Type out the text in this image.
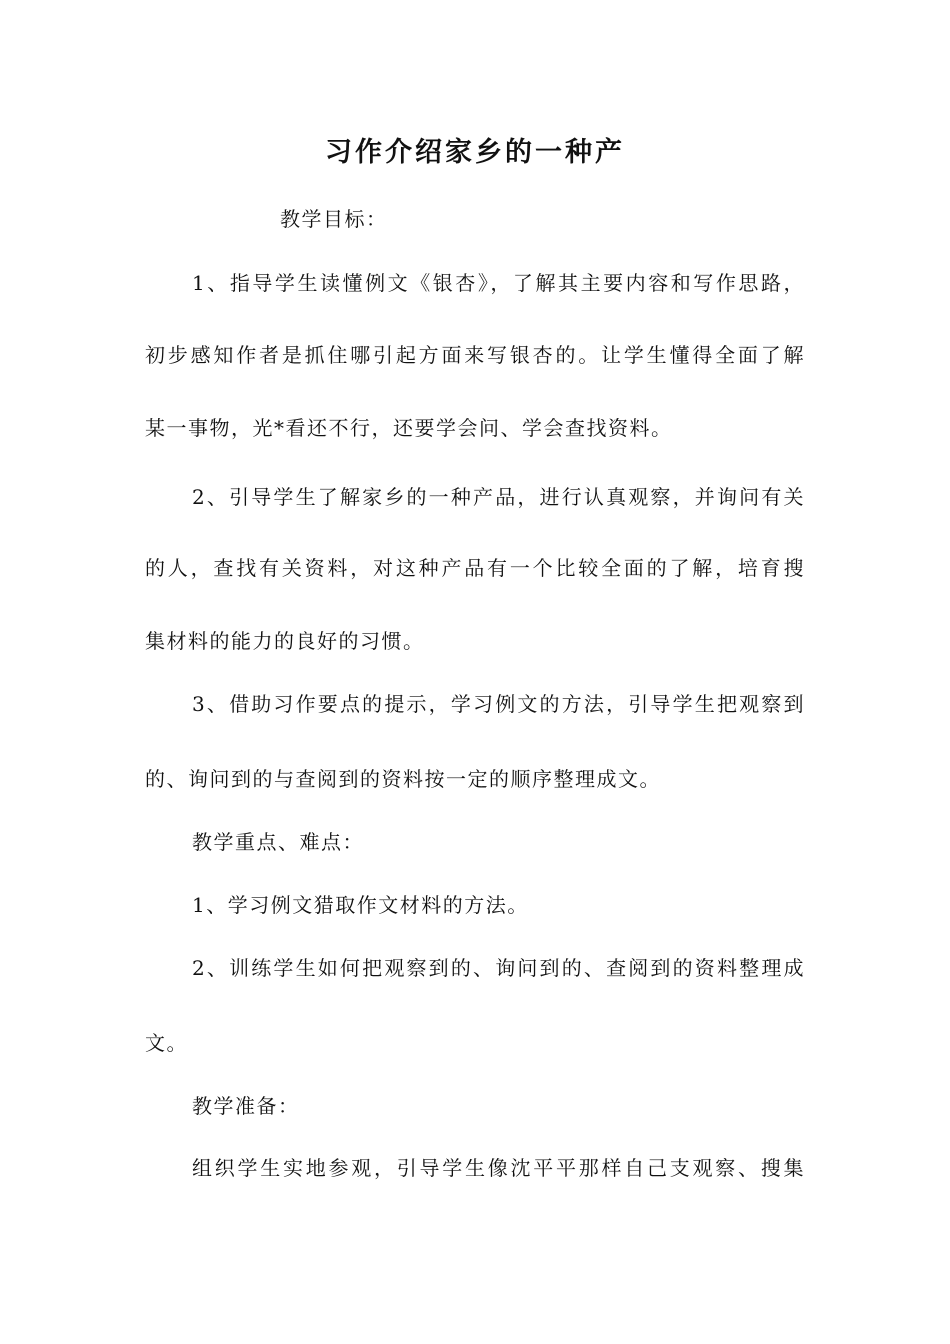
习作介绍家乡的一种产

教学目标：

1、指导学生读懂例文《银杏》，了解其主要内容和写作思路，

初步感知作者是抓住哪引起方面来写银杏的。让学生懂得全面了解

某一事物，光*看还不行，还要学会问、学会查找资料。

2、引导学生了解家乡的一种产品，进行认真观察，并询问有关

的人，查找有关资料，对这种产品有一个比较全面的了解，培育搜

集材料的能力的良好的习惯。

3、借助习作要点的提示，学习例文的方法，引导学生把观察到

的、询问到的与查阅到的资料按一定的顺序整理成文。

教学重点、难点：

1、学习例文猎取作文材料的方法。

2、训练学生如何把观察到的、询问到的、查阅到的资料整理成

文。

教学准备：

组织学生实地参观，引导学生像沈平平那样自己支观察、搜集
